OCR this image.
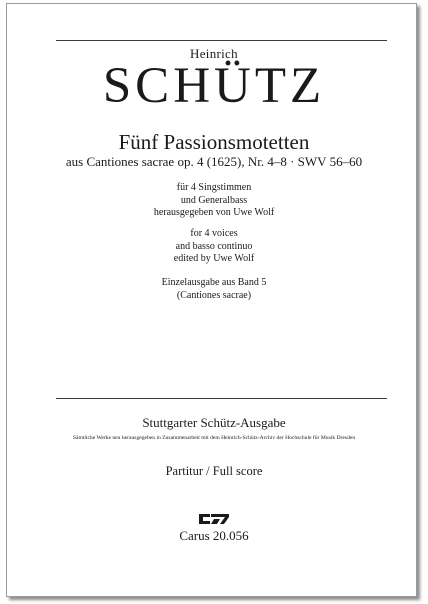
Heinrich
SCHÜTZ
Fünf Passionsmotetten
aus Cantiones sacrae op. 4 (1625), Nr. 4–8 · SWV 56–60
für 4 Singstimmen
und Generalbass
herausgegeben von Uwe Wolf
for 4 voices
and basso continuo
edited by Uwe Wolf
Einzelausgabe aus Band 5
(Cantiones sacrae)
Stuttgarter Schütz-Ausgabe
Sämtliche Werke neu herausgegeben in Zusammenarbeit mit dem Heinrich-Schütz-Archiv der Hochschule für Musik Dresden
Partitur / Full score
Carus 20.056
